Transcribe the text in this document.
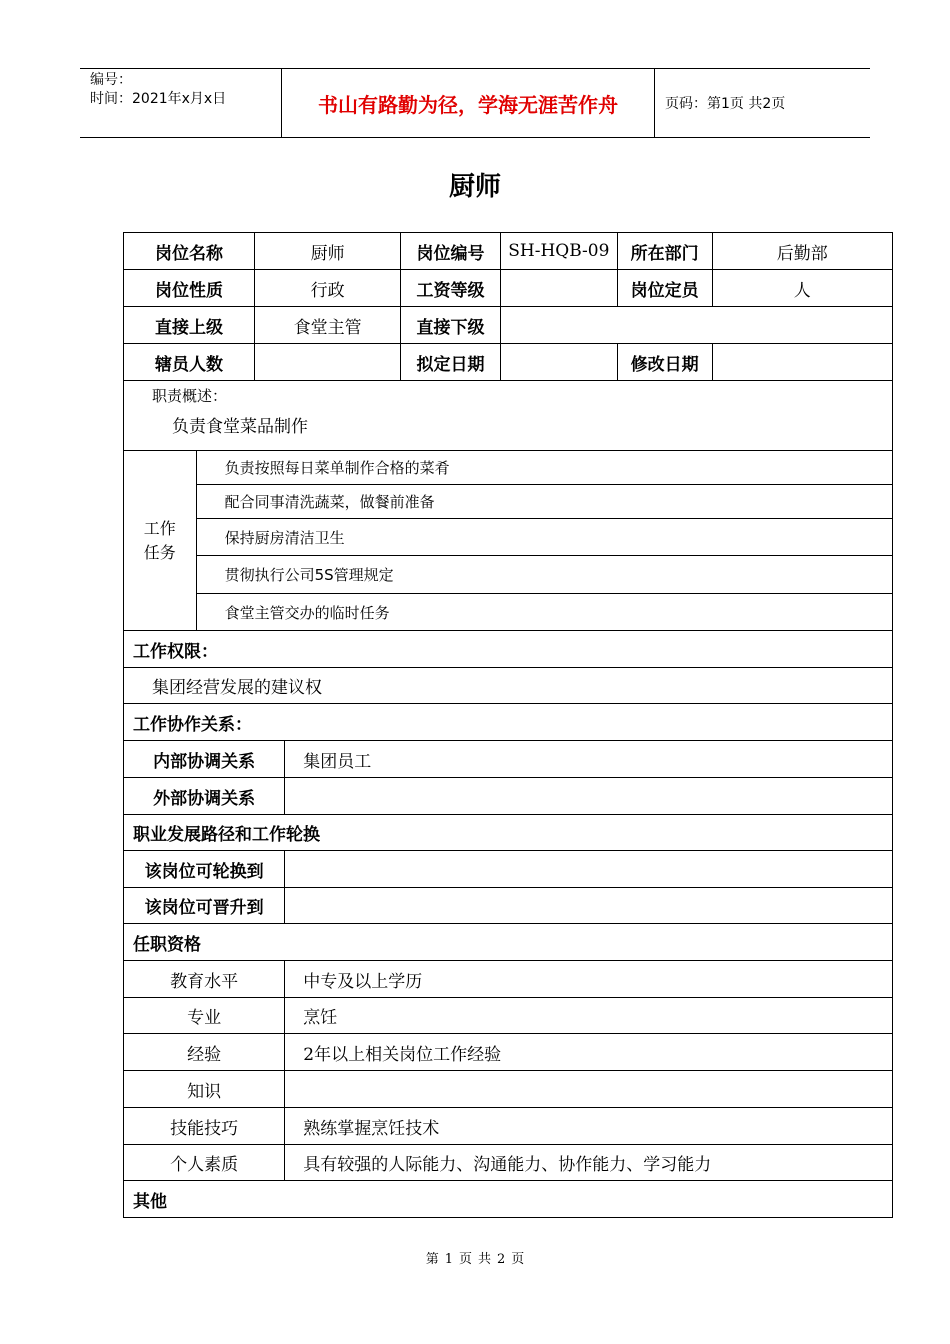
编号：
时间：2021年x月x日	书山有路勤为径，学海无涯苦作舟	页码：第1页 共2页
厨师
岗位名称		厨师		岗位编号	SH-HQB-09	所在部门	后勤部
岗位性质		行政		工资等级		岗位定员	人
直接上级		食堂主管		直接下级			
辖员人数				拟定日期		修改日期	

职责概述：
负责食堂菜品制作							

工作
任务	负责按照每日菜单制作合格的菜肴						
	配合同事清洗蔬菜，做餐前准备						
	保持厨房清洁卫生						
	贯彻执行公司5S管理规定						
	食堂主管交办的临时任务						
工作权限：							
集团经营发展的建议权							
工作协作关系：							
内部协调关系			集团员工				
外部协调关系							
职业发展路径和工作轮换							
该岗位可轮换到							
该岗位可晋升到							
任职资格							
教育水平			中专及以上学历				
专业			烹饪				
经验			2年以上相关岗位工作经验				
知识							
技能技巧			熟练掌握烹饪技术				
个人素质			具有较强的人际能力、沟通能力、协作能力、学习能力				
其他							
第 1 页 共 2 页
